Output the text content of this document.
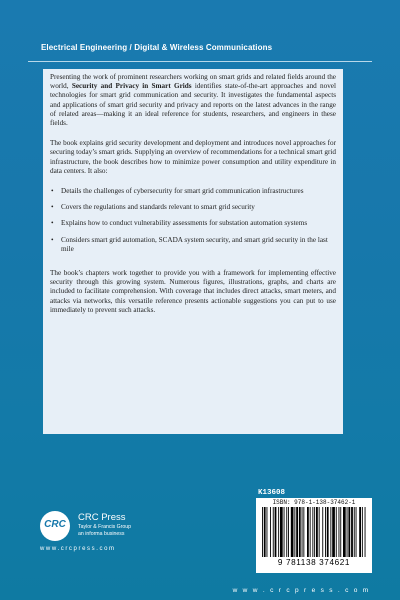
Electrical Engineering / Digital & Wireless Communications

Presenting the work of prominent researchers working on smart grids and related fields around the world, Security and Privacy in Smart Grids identifies state-of-the-art approaches and novel technologies for smart grid communication and security. It investigates the fundamental aspects and applications of smart grid security and privacy and reports on the latest advances in the range of related areas—making it an ideal reference for students, researchers, and engineers in these fields.

The book explains grid security development and deployment and introduces novel approaches for securing today’s smart grids. Supplying an overview of recommendations for a technical smart grid infrastructure, the book describes how to minimize power consumption and utility expenditure in data centers. It also:

• Details the challenges of cybersecurity for smart grid communication infrastructures
• Covers the regulations and standards relevant to smart grid security
• Explains how to conduct vulnerability assessments for substation automation systems
• Considers smart grid automation, SCADA system security, and smart grid security in the last mile

The book’s chapters work together to provide you with a framework for implementing effective security through this growing system. Numerous figures, illustrations, graphs, and charts are included to facilitate comprehension. With coverage that includes direct attacks, smart meters, and attacks via networks, this versatile reference presents actionable suggestions you can put to use immediately to prevent such attacks.

K13608
ISBN: 978-1-138-37462-1
9 781138 374621
CRC
CRC Press
Taylor & Francis Group
an informa business
www.crcpress.com
w w w . c r c p r e s s . c o m
